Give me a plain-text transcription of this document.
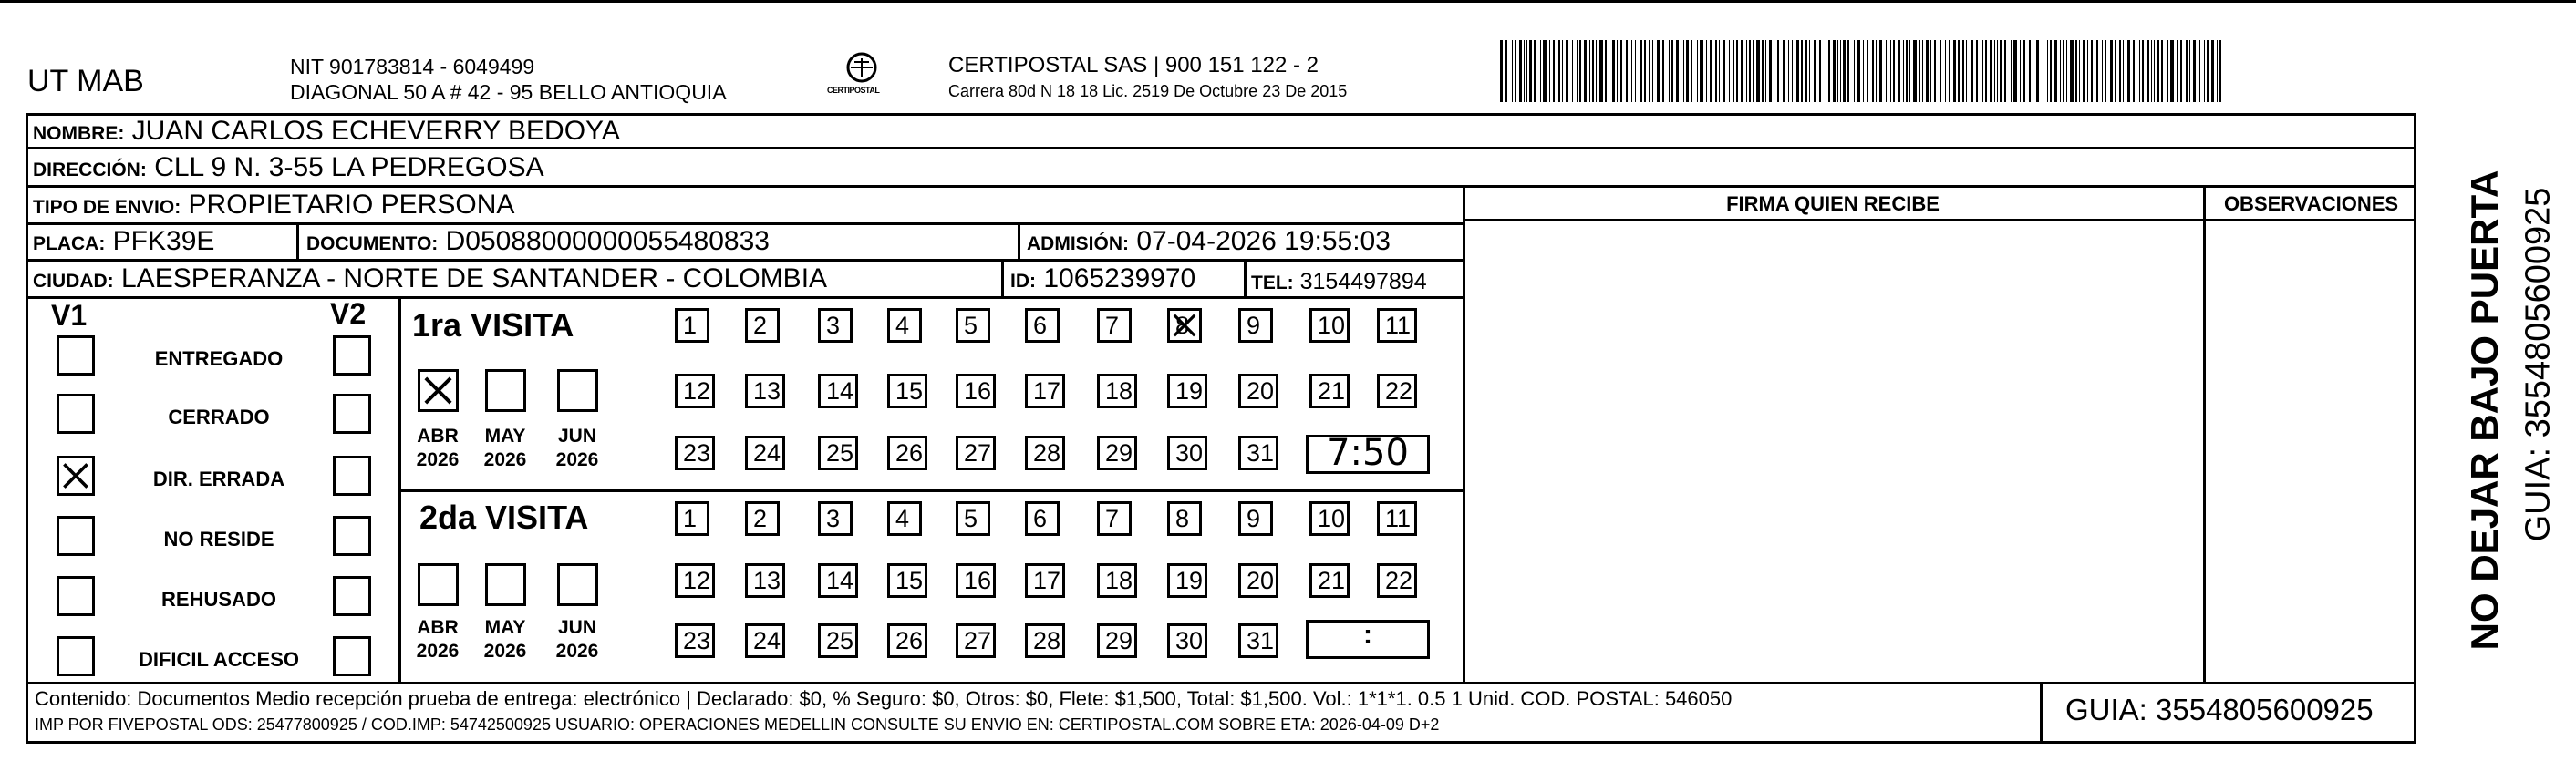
UT MAB	NIT 901783814 - 6049499
DIAGONAL 50 A # 42 - 95 BELLO ANTIOQUIA	CERTIPOSTAL
CERTIPOSTAL SAS | 900 151 122 - 2
Carrera 80d N 18 18 Lic. 2519 De Octubre 23 De 2015
NOMBRE: JUAN CARLOS ECHEVERRY BEDOYA
DIRECCIÓN: CLL 9 N. 3-55 LA PEDREGOSA
TIPO DE ENVIO: PROPIETARIO PERSONA	FIRMA QUIEN RECIBE	OBSERVACIONES
PLACA: PFK39E	DOCUMENTO: D05088000000055480833	ADMISIÓN: 07-04-2026 19:55:03
CIUDAD: LAESPERANZA - NORTE DE SANTANDER - COLOMBIA	ID: 1065239970	TEL: 3154497894
V1	V2 1ra VISITA
7:50
2da VISITA
:
Contenido: Documentos Medio recepción prueba de entrega: electrónico | Declarado: $0, % Seguro: $0, Otros: $0, Flete: $1,500, Total: $1,500. Vol.: 1*1*1. 0.5 1 Unid. COD. POSTAL: 546050
IMP POR FIVEPOSTAL ODS: 25477800925 / COD.IMP: 54742500925 USUARIO: OPERACIONES MEDELLIN CONSULTE SU ENVIO EN: CERTIPOSTAL.COM SOBRE ETA: 2026-04-09 D+2	GUIA: 3554805600925
NO DEJAR BAJO PUERTA GUIA: 3554805600925
ENTREGADO
CERRADO
DIR. ERRADA
NO RESIDE
REHUSADO
DIFICIL ACCESO
ABR
2026
MAY
2026
JUN
2026
ABR
2026
MAY
2026
JUN
2026
1	2	3	4	5	6	7	8	9	10	11
12	13	14	15	16	17	18	19	20	21	22
23	24	25	26	27	28	29	30	31
1	2	3	4	5	6	7	8	9	10	11
12	13	14	15	16	17	18	19	20	21	22
23	24	25	26	27	28	29	30	31
